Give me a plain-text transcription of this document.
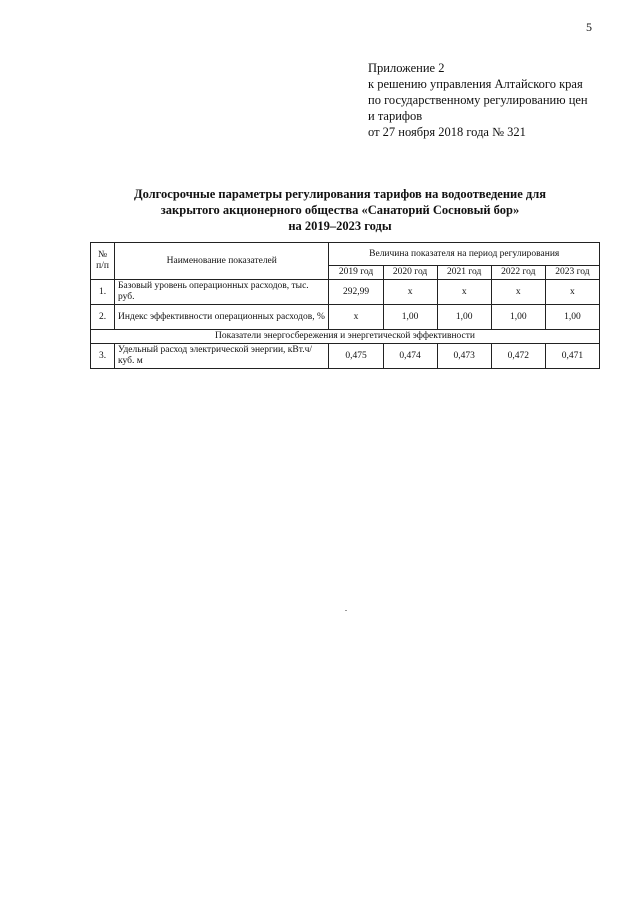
5
Приложение 2
к решению управления Алтайского края
по государственному регулированию цен
и тарифов
от 27 ноября 2018 года № 321
Долгосрочные параметры регулирования тарифов на водоотведение для
закрытого акционерного общества «Санаторий Сосновый бор»
на 2019–2023 годы
№ п/п	Наименование показателей	Величина показателя на период регулирования				
		2019 год	2020 год	2021 год	2022 год	2023 год
1.	Базовый уровень операционных расходов, тыс. руб.	292,99	х	х	х	х
2.	Индекс эффективности операционных расходов, %	х	1,00	1,00	1,00	1,00
Показатели энергосбережения и энергетической эффективности						
3.	Удельный расход электрической энергии, кВт.ч/куб. м	0,475	0,474	0,473	0,472	0,471
